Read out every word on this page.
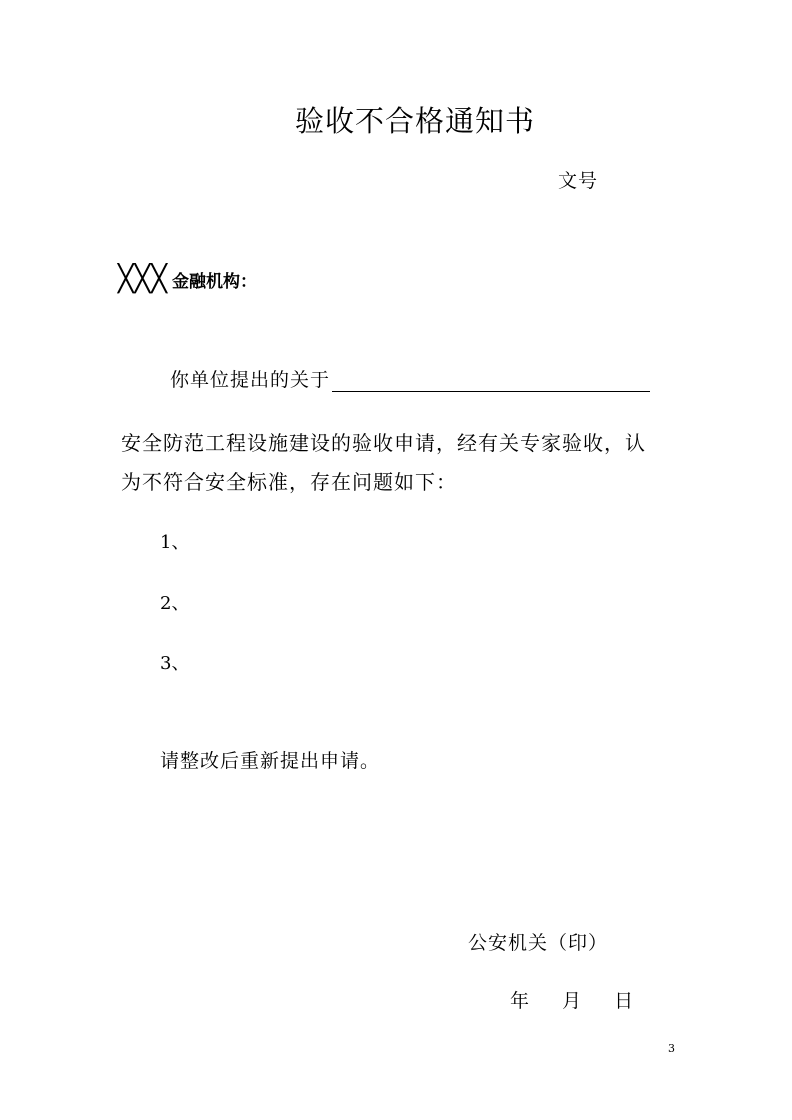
验收不合格通知书
文号
╳╳╳ 金融机构：
你单位提出的关于
安全防范工程设施建设的验收申请，经有关专家验收，认
为不符合安全标准，存在问题如下：
1、
2、
3、
请整改后重新提出申请。
公安机关（印）
年 月 日
3
